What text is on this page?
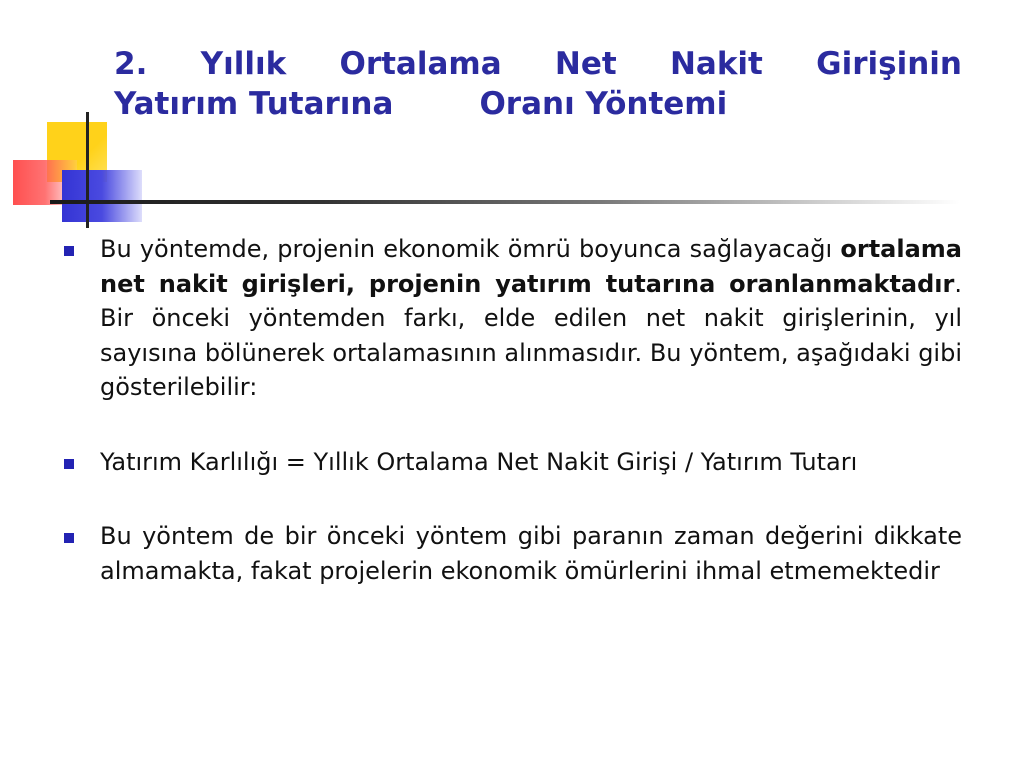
2. Yıllık Ortalama Net Nakit Girişinin
Yatırım Tutarına	Oranı Yöntemi
Bu yöntemde, projenin ekonomik ömrü boyunca sağlayacağı ortalama net nakit girişleri, projenin yatırım tutarına oranlanmaktadır. Bir önceki yöntemden farkı, elde edilen net nakit girişlerinin, yıl sayısına bölünerek ortalamasının alınmasıdır. Bu yöntem, aşağıdaki gibi gösterilebilir:
Yatırım Karlılığı = Yıllık Ortalama Net Nakit Girişi / Yatırım Tutarı
Bu yöntem de bir önceki yöntem gibi paranın zaman değerini dikkate almamakta, fakat projelerin ekonomik ömürlerini ihmal etmemektedir
